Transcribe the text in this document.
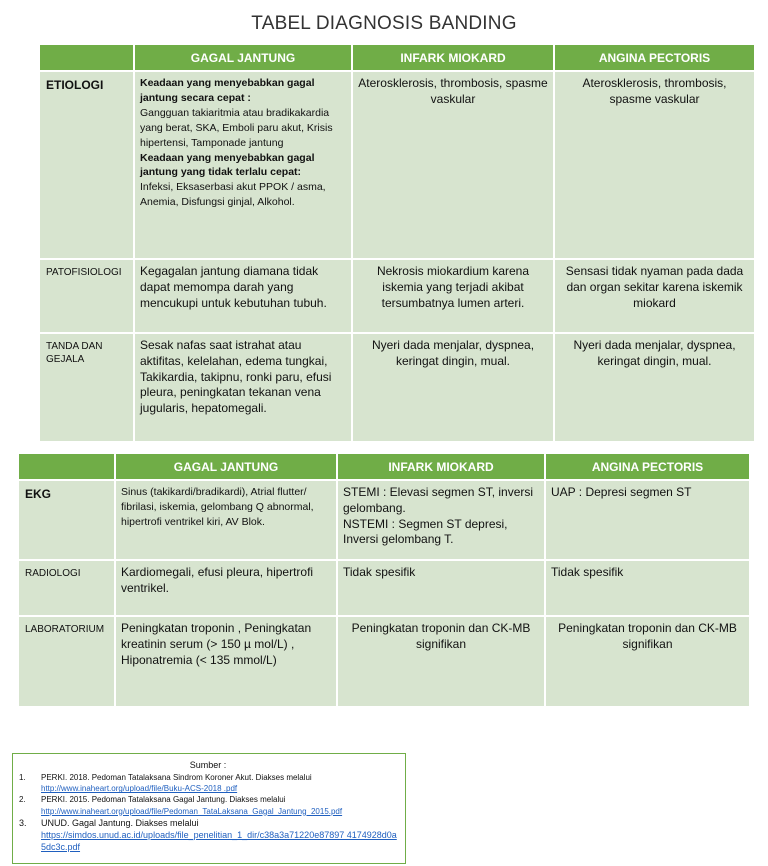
TABEL DIAGNOSIS BANDING
	GAGAL JANTUNG	INFARK MIOKARD	ANGINA PECTORIS
ETIOLOGI	Keadaan yang menyebabkan gagal jantung secara cepat :
Gangguan takiaritmia atau bradikakardia yang berat, SKA, Emboli paru akut, Krisis hipertensi, Tamponade jantung
Keadaan yang menyebabkan gagal jantung yang tidak terlalu cepat:
Infeksi, Eksaserbasi akut PPOK / asma, Anemia, Disfungsi ginjal, Alkohol.	Aterosklerosis, thrombosis, spasme vaskular	Aterosklerosis, thrombosis, spasme vaskular
PATOFISIOLOGI	Kegagalan jantung diamana tidak dapat memompa darah yang mencukupi untuk kebutuhan tubuh.	Nekrosis miokardium karena iskemia yang terjadi akibat tersumbatnya lumen arteri.	Sensasi tidak nyaman pada dada dan organ sekitar karena iskemik miokard
TANDA DAN GEJALA	Sesak nafas saat istrahat atau aktifitas, kelelahan, edema tungkai, Takikardia, takipnu, ronki paru, efusi pleura, peningkatan tekanan vena jugularis, hepatomegali.	Nyeri dada menjalar, dyspnea, keringat dingin, mual.	Nyeri dada menjalar, dyspnea, keringat dingin, mual.
	GAGAL JANTUNG	INFARK MIOKARD	ANGINA PECTORIS
EKG	Sinus (takikardi/bradikardi), Atrial flutter/ fibrilasi, iskemia, gelombang Q abnormal, hipertrofi ventrikel kiri, AV Blok.	STEMI : Elevasi segmen ST, inversi gelombang.
NSTEMI : Segmen ST depresi, Inversi gelombang T.	UAP : Depresi segmen ST
RADIOLOGI	Kardiomegali, efusi pleura, hipertrofi ventrikel.	Tidak spesifik	Tidak spesifik
LABORATORIUM	Peningkatan troponin , Peningkatan kreatinin serum (> 150 µ mol/L) , Hiponatremia (< 135 mmol/L)	Peningkatan troponin dan CK-MB signifikan	Peningkatan troponin dan CK-MB signifikan
Sumber :
1.	PERKI. 2018. Pedoman Tatalaksana Sindrom Koroner Akut. Diakses melalui
http://www.inaheart.org/upload/file/Buku-ACS-2018 .pdf
2.	PERKI. 2015. Pedoman Tatalaksana Gagal Jantung. Diakses melalui
http://www.inaheart.org/upload/file/Pedoman_TataLaksana_Gagal_Jantung_2015.pdf
3.	UNUD. Gagal Jantung. Diakses melalui
https://simdos.unud.ac.id/uploads/file_penelitian_1_dir/c38a3a71220e87897 4174928d0a5dc3c.pdf
